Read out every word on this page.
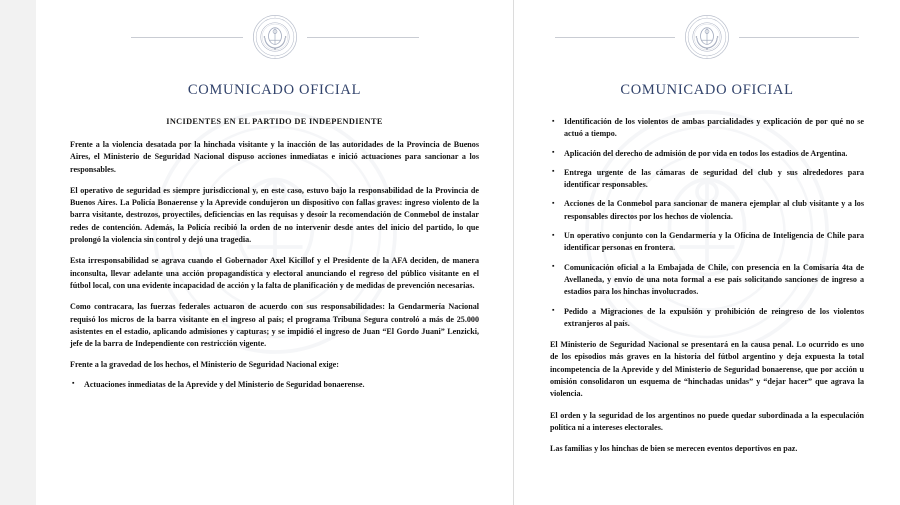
COMUNICADO OFICIAL
INCIDENTES EN EL PARTIDO DE INDEPENDIENTE

Frente a la violencia desatada por la hinchada visitante y la inacción de las autoridades de la Provincia de Buenos Aires, el Ministerio de Seguridad Nacional dispuso acciones inmediatas e inició actuaciones para sancionar a los responsables.

El operativo de seguridad es siempre jurisdiccional y, en este caso, estuvo bajo la responsabilidad de la Provincia de Buenos Aires. La Policía Bonaerense y la Aprevide condujeron un dispositivo con fallas graves: ingreso violento de la barra visitante, destrozos, proyectiles, deficiencias en las requisas y desoír la recomendación de Conmebol de instalar redes de contención. Además, la Policía recibió la orden de no intervenir desde antes del inicio del partido, lo que prolongó la violencia sin control y dejó una tragedia.

Esta irresponsabilidad se agrava cuando el Gobernador Axel Kicillof y el Presidente de la AFA deciden, de manera inconsulta, llevar adelante una acción propagandística y electoral anunciando el regreso del público visitante en el fútbol local, con una evidente incapacidad de acción y la falta de planificación y de medidas de prevención necesarias.

Como contracara, las fuerzas federales actuaron de acuerdo con sus responsabilidades: la Gendarmería Nacional requisó los micros de la barra visitante en el ingreso al país; el programa Tribuna Segura controló a más de 25.000 asistentes en el estadio, aplicando admisiones y capturas; y se impidió el ingreso de Juan “El Gordo Juani” Lenzicki, jefe de la barra de Independiente con restricción vigente.

Frente a la gravedad de los hechos, el Ministerio de Seguridad Nacional exige:

▪ Actuaciones inmediatas de la Aprevide y del Ministerio de Seguridad bonaerense.
COMUNICADO OFICIAL
▪ Identificación de los violentos de ambas parcialidades y explicación de por qué no se actuó a tiempo.
▪ Aplicación del derecho de admisión de por vida en todos los estadios de Argentina.
▪ Entrega urgente de las cámaras de seguridad del club y sus alrededores para identificar responsables.
▪ Acciones de la Conmebol para sancionar de manera ejemplar al club visitante y a los responsables directos por los hechos de violencia.
▪ Un operativo conjunto con la Gendarmería y la Oficina de Inteligencia de Chile para identificar personas en frontera.
▪ Comunicación oficial a la Embajada de Chile, con presencia en la Comisaría 4ta de Avellaneda, y envío de una nota formal a ese país solicitando sanciones de ingreso a estadios para los hinchas involucrados.
▪ Pedido a Migraciones de la expulsión y prohibición de reingreso de los violentos extranjeros al país.

El Ministerio de Seguridad Nacional se presentará en la causa penal. Lo ocurrido es uno de los episodios más graves en la historia del fútbol argentino y deja expuesta la total incompetencia de la Aprevide y del Ministerio de Seguridad bonaerense, que por acción u omisión consolidaron un esquema de “hinchadas unidas” y “dejar hacer” que agrava la violencia.

El orden y la seguridad de los argentinos no puede quedar subordinada a la especulación política ni a intereses electorales.

Las familias y los hinchas de bien se merecen eventos deportivos en paz.
